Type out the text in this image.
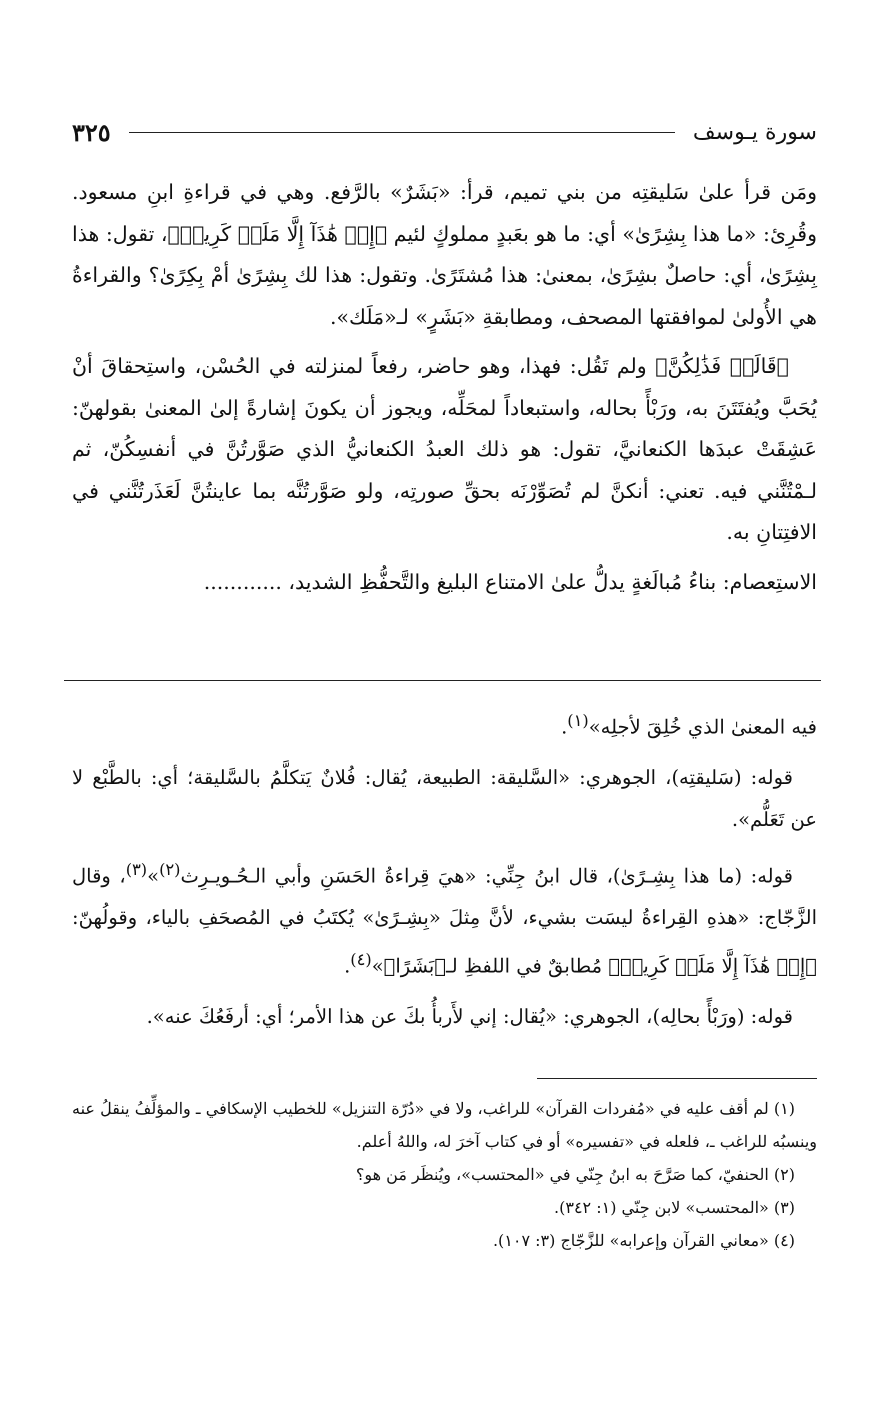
سورة يـوسف
٣٢٥

ومَن قرأ علىٰ سَليقتِه من بني تميم، قرأ: «بَشَرٌ» بالرَّفع. وهي في قراءةِ ابنِ مسعود. وقُرِئ: «ما هذا بِشِرًىٰ» أي: ما هو بعَبدٍ مملوكٍ لئيم ﴿إِنۡ هَٰذَآ إِلَّا مَلَكٞ كَرِيمٞ﴾، تقول: هذا بِشِرًىٰ، أي: حاصلٌ بشِرًىٰ، بمعنىٰ: هذا مُشتَرًىٰ. وتقول: هذا لك بِشِرًىٰ أمْ بِكِرًىٰ؟ والقراءةُ هي الأُولىٰ لموافقتها المصحف، ومطابقةِ «بَشَرٍ» لـ«مَلَك».

﴿قَالَتۡ فَذَٰلِكُنَّ﴾ ولم تَقُل: فهذا، وهو حاضر، رفعاً لمنزلته في الحُسْن، واستِحقاقَ أنْ يُحَبَّ ويُفتَتَنَ به، ورَبْأً بحاله، واستبعاداً لمحَلِّه، ويجوز أن يكونَ إشارةً إلىٰ المعنىٰ بقولهنّ: عَشِقَتْ عبدَها الكنعانيَّ، تقول: هو ذلك العبدُ الكنعانيُّ الذي صَوَّرتُنَّ في أنفسِكُنّ، ثم لـمْتُنَّني فيه. تعني: أنكنَّ لم تُصَوِّرْنَه بحقِّ صورتِه، ولو صَوَّرتُنَّه بما عاينتُنَّ لَعَذَرتُنَّني في الافتِتانِ به.

الاستِعصام: بناءُ مُبالَغةٍ يدلُّ علىٰ الامتناع البليغ والتَّحفُّظِ الشديد، ............

فيه المعنىٰ الذي خُلِقَ لأجلِه»$^{(١)}$.

قوله: (سَليقتِه)، الجوهري: «السَّليقة: الطبيعة، يُقال: فُلانٌ يَتكلَّمُ بالسَّليقة؛ أي: بالطَّبْع لا عن تَعَلُّم».

قوله: (ما هذا بِشِـرًىٰ)، قال ابنُ جِنِّي: «هيَ قِراءةُ الحَسَنِ وأبي الـحُـويـرِث$^{(٢)}$»$^{(٣)}$، وقال الزَّجّاج: «هذهِ القِراءةُ ليسَت بشيء، لأنَّ مِثلَ «بِشِـرًىٰ» يُكتَبُ في المُصحَفِ بالياء، وقولُهنّ: ﴿إِنۡ هَٰذَآ إِلَّا مَلَكٞ كَرِيمٞ﴾ مُطابقٌ في اللفظِ لـ﴿بَشَرًا﴾»$^{(٤)}$.

قوله: (ورَبْأً بحالِه)، الجوهري: «يُقال: إني لأَربأُ بكَ عن هذا الأمر؛ أي: أرفَعُكَ عنه».

(١) لم أقف عليه في «مُفردات القرآن» للراغب، ولا في «دُرّة التنزيل» للخطيب الإسكافي ـ والمؤلِّفُ ينقلُ عنه وينسبُه للراغب ـ، فلعله في «تفسيره» أو في كتاب آخرَ له، واللهُ أعلم.

(٢) الحنفيّ، كما صَرَّحَ به ابنُ جِنّي في «المحتسب»، ويُنظَر مَن هو؟

(٣) «المحتسب» لابن جِنّي (١: ٣٤٢).

(٤) «معاني القرآن وإعرابه» للزَّجّاج (٣: ١٠٧).
